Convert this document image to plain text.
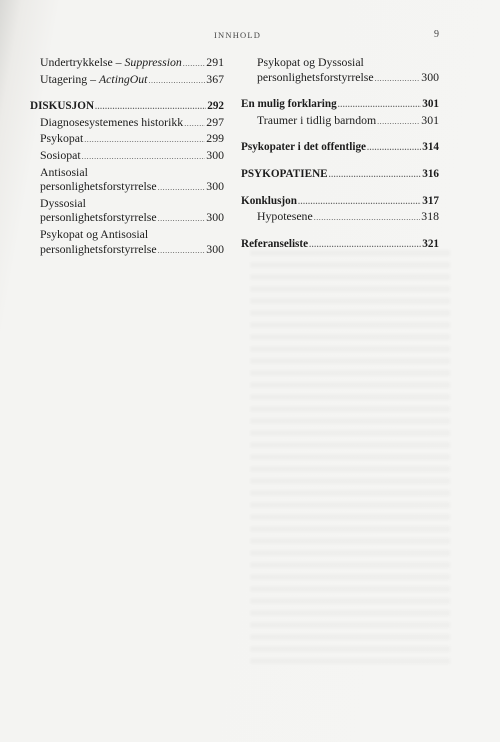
INNHOLD	9
Undertrykkelse – Suppression ..... 291
Utagering – ActingOut .....	367
DISKUSJON .....	292
Diagnosesystemenes historikk ..... 297
Psykopat .....	299
Sosiopat .....	300
Antisosial
personlighetsforstyrrelse .....	300
Dyssosial
personlighetsforstyrrelse .....	300
Psykopat og Antisosial
personlighetsforstyrrelse .....	300
Psykopat og Dyssosial
personlighetsforstyrrelse .....	300
En mulig forklaring .....	301
Traumer i tidlig barndom .....	301
Psykopater i det offentlige .....	314
PSYKOPATIENE .....	316
Konklusjon .....	317
Hypotesene .....	318
Referanseliste .....	321
